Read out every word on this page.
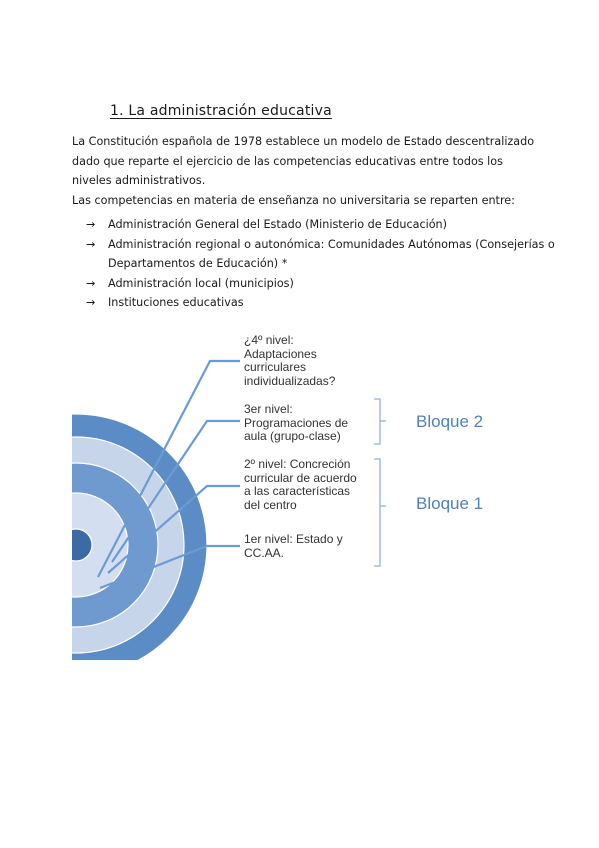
1. La administración educativa

La Constitución española de 1978 establece un modelo de Estado descentralizado dado que reparte el ejercicio de las competencias educativas entre todos los niveles administrativos.

Las competencias en materia de enseñanza no universitaria se reparten entre:

→	Administración General del Estado (Ministerio de Educación)
→	Administración regional o autonómica: Comunidades Autónomas (Consejerías o Departamentos de Educación) *
→	Administración local (municipios)
→	Instituciones educativas

¿4º nivel:
Adaptaciones
curriculares
individualizadas?

3er nivel:
Programaciones de
aula (grupo-clase)

2º nivel: Concreción
curricular de acuerdo
a las características
del centro

1er nivel: Estado y
CC.AA.

Bloque 2

Bloque 1
